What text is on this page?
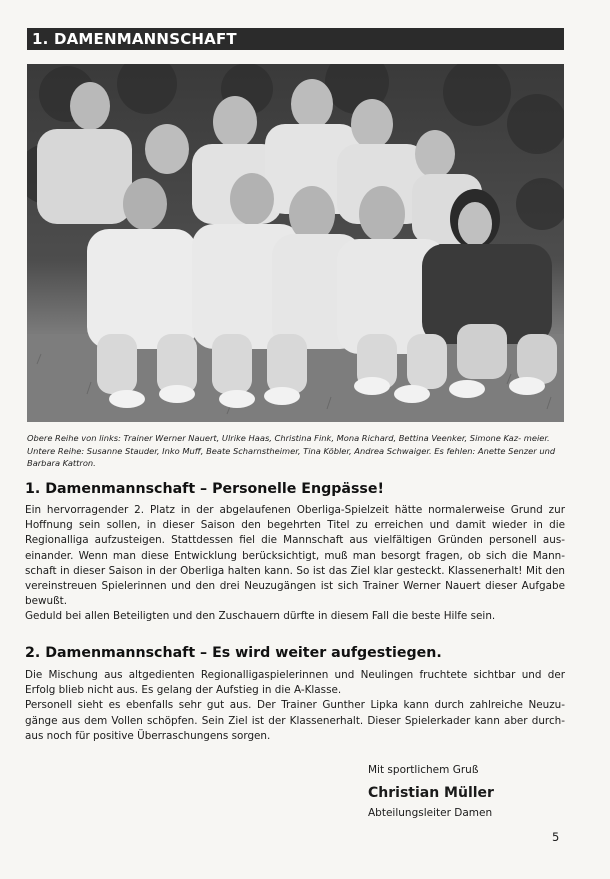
1. DAMENMANNSCHAFT
Obere Reihe von links: Trainer Werner Nauert, Ulrike Haas, Christina Fink, Mona Richard, Bettina Veenker, Simone Kaz- meier. Untere Reihe: Susanne Stauder, Inko Muff, Beate Scharnstheimer, Tina Köbler, Andrea Schwaiger. Es fehlen: Anette Senzer und Barbara Kattron.
1. Damenmannschaft – Personelle Engpässe!

Ein hervorragender 2. Platz in der abgelaufenen Oberliga-Spielzeit hätte normalerweise Grund zur Hoffnung sein sollen, in dieser Saison den begehrten Titel zu erreichen und damit wieder in die Regionalliga aufzusteigen. Stattdessen fiel die Mannschaft aus vielfältigen Gründen personell aus-einander. Wenn man diese Entwicklung berücksichtigt, muß man besorgt fragen, ob sich die Mann-schaft in dieser Saison in der Oberliga halten kann. So ist das Ziel klar gesteckt. Klassenerhalt! Mit den vereinstreuen Spielerinnen und den drei Neuzugängen ist sich Trainer Werner Nauert dieser Aufgabe bewußt.

Geduld bei allen Beteiligten und den Zuschauern dürfte in diesem Fall die beste Hilfe sein.

2. Damenmannschaft – Es wird weiter aufgestiegen.

Die Mischung aus altgedienten Regionalligaspielerinnen und Neulingen fruchtete sichtbar und der Erfolg blieb nicht aus. Es gelang der Aufstieg in die A-Klasse.

Personell sieht es ebenfalls sehr gut aus. Der Trainer Gunther Lipka kann durch zahlreiche Neuzu-gänge aus dem Vollen schöpfen. Sein Ziel ist der Klassenerhalt. Dieser Spielerkader kann aber durch-aus noch für positive Überraschungens sorgen.

Mit sportlichem Gruß
Christian Müller
Abteilungsleiter Damen
5
